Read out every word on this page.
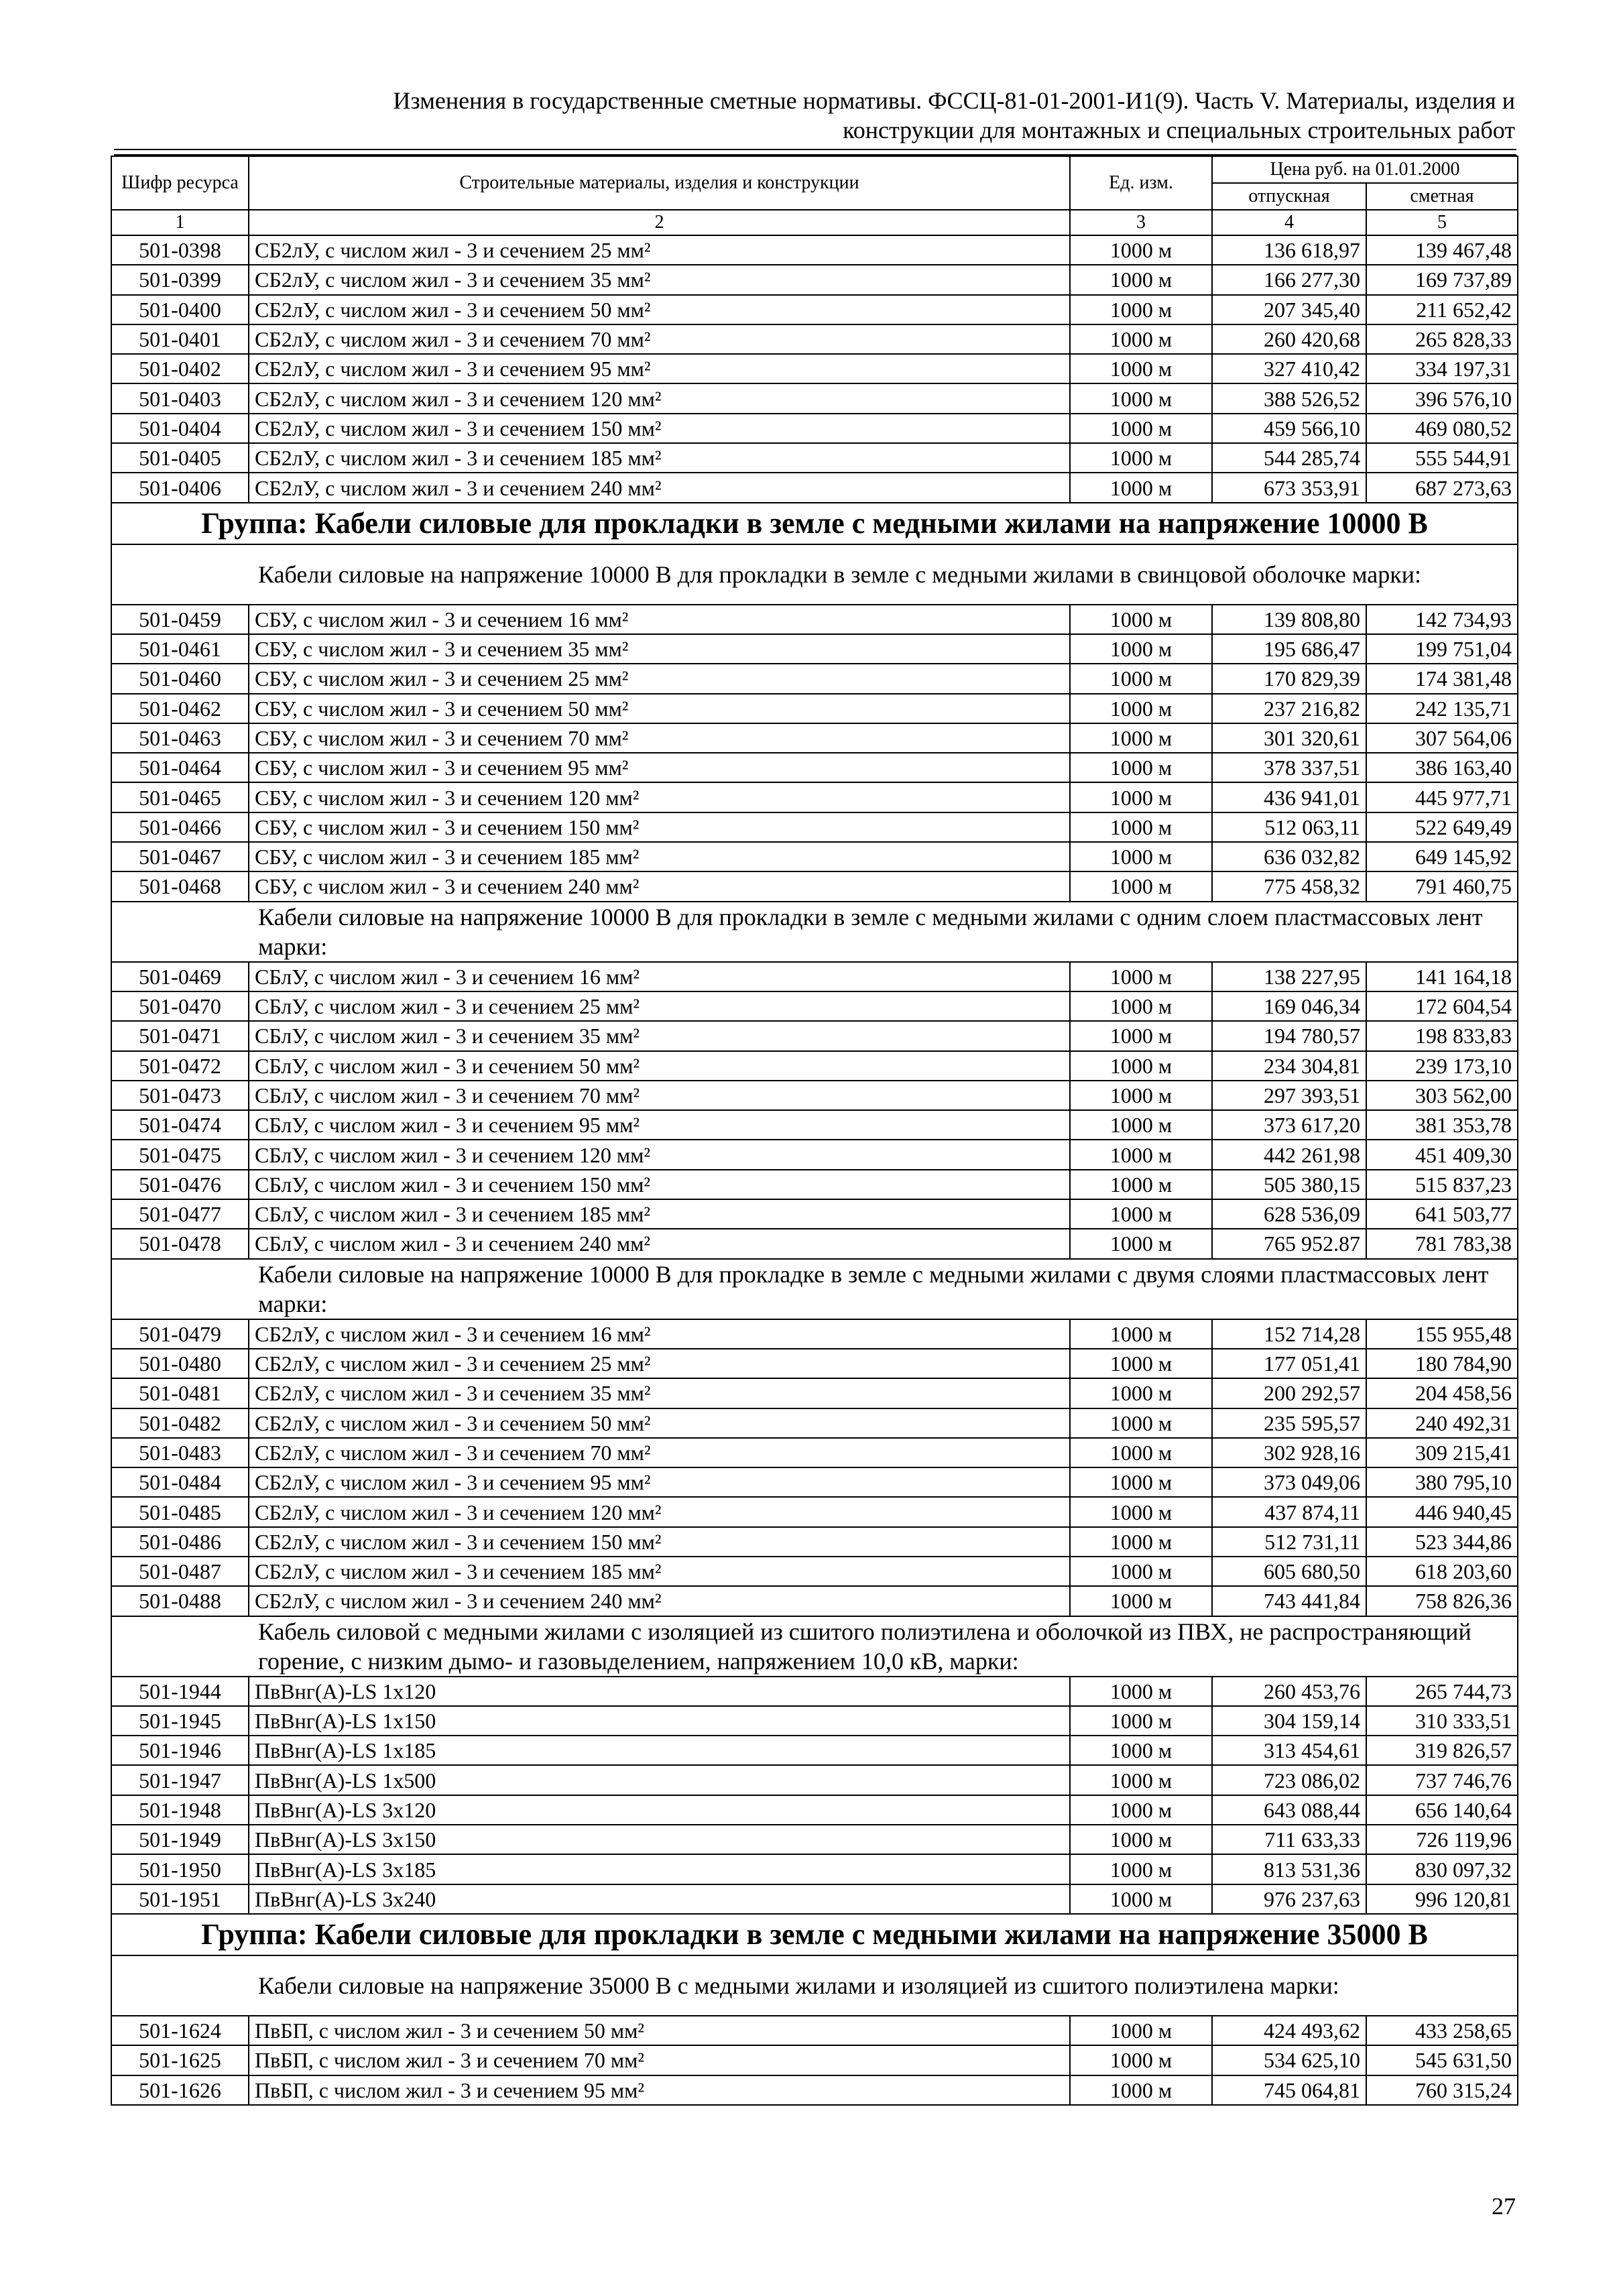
Изменения в государственные сметные нормативы. ФССЦ-81-01-2001-И1(9). Часть V. Материалы, изделия и
конструкции для монтажных и специальных строительных работ
Шифр ресурса	Строительные материалы, изделия и конструкции	Ед. изм.	Цена руб. на 01.01.2000	
			отпускная	сметная
1	2	3	4	5
501-0398	СБ2лУ, с числом жил - 3 и сечением 25 мм²	1000 м	136 618,97	139 467,48
501-0399	СБ2лУ, с числом жил - 3 и сечением 35 мм²	1000 м	166 277,30	169 737,89
501-0400	СБ2лУ, с числом жил - 3 и сечением 50 мм²	1000 м	207 345,40	211 652,42
501-0401	СБ2лУ, с числом жил - 3 и сечением 70 мм²	1000 м	260 420,68	265 828,33
501-0402	СБ2лУ, с числом жил - 3 и сечением 95 мм²	1000 м	327 410,42	334 197,31
501-0403	СБ2лУ, с числом жил - 3 и сечением 120 мм²	1000 м	388 526,52	396 576,10
501-0404	СБ2лУ, с числом жил - 3 и сечением 150 мм²	1000 м	459 566,10	469 080,52
501-0405	СБ2лУ, с числом жил - 3 и сечением 185 мм²	1000 м	544 285,74	555 544,91
501-0406	СБ2лУ, с числом жил - 3 и сечением 240 мм²	1000 м	673 353,91	687 273,63
Группа: Кабели силовые для прокладки в земле с медными жилами на напряжение 10000 В				
	Кабели силовые на напряжение 10000 В для прокладки в земле с медными жилами в свинцовой оболочке марки:			
501-0459	СБУ, с числом жил - 3 и сечением 16 мм²	1000 м	139 808,80	142 734,93
501-0461	СБУ, с числом жил - 3 и сечением 35 мм²	1000 м	195 686,47	199 751,04
501-0460	СБУ, с числом жил - 3 и сечением 25 мм²	1000 м	170 829,39	174 381,48
501-0462	СБУ, с числом жил - 3 и сечением 50 мм²	1000 м	237 216,82	242 135,71
501-0463	СБУ, с числом жил - 3 и сечением 70 мм²	1000 м	301 320,61	307 564,06
501-0464	СБУ, с числом жил - 3 и сечением 95 мм²	1000 м	378 337,51	386 163,40
501-0465	СБУ, с числом жил - 3 и сечением 120 мм²	1000 м	436 941,01	445 977,71
501-0466	СБУ, с числом жил - 3 и сечением 150 мм²	1000 м	512 063,11	522 649,49
501-0467	СБУ, с числом жил - 3 и сечением 185 мм²	1000 м	636 032,82	649 145,92
501-0468	СБУ, с числом жил - 3 и сечением 240 мм²	1000 м	775 458,32	791 460,75
	Кабели силовые на напряжение 10000 В для прокладки в земле с медными жилами с одним слоем пластмассовых лент марки:			
501-0469	СБлУ, с числом жил - 3 и сечением 16 мм²	1000 м	138 227,95	141 164,18
501-0470	СБлУ, с числом жил - 3 и сечением 25 мм²	1000 м	169 046,34	172 604,54
501-0471	СБлУ, с числом жил - 3 и сечением 35 мм²	1000 м	194 780,57	198 833,83
501-0472	СБлУ, с числом жил - 3 и сечением 50 мм²	1000 м	234 304,81	239 173,10
501-0473	СБлУ, с числом жил - 3 и сечением 70 мм²	1000 м	297 393,51	303 562,00
501-0474	СБлУ, с числом жил - 3 и сечением 95 мм²	1000 м	373 617,20	381 353,78
501-0475	СБлУ, с числом жил - 3 и сечением 120 мм²	1000 м	442 261,98	451 409,30
501-0476	СБлУ, с числом жил - 3 и сечением 150 мм²	1000 м	505 380,15	515 837,23
501-0477	СБлУ, с числом жил - 3 и сечением 185 мм²	1000 м	628 536,09	641 503,77
501-0478	СБлУ, с числом жил - 3 и сечением 240 мм²	1000 м	765 952.87	781 783,38
	Кабели силовые на напряжение 10000 В для прокладке в земле с медными жилами с двумя слоями пластмассовых лент марки:			
501-0479	СБ2лУ, с числом жил - 3 и сечением 16 мм²	1000 м	152 714,28	155 955,48
501-0480	СБ2лУ, с числом жил - 3 и сечением 25 мм²	1000 м	177 051,41	180 784,90
501-0481	СБ2лУ, с числом жил - 3 и сечением 35 мм²	1000 м	200 292,57	204 458,56
501-0482	СБ2лУ, с числом жил - 3 и сечением 50 мм²	1000 м	235 595,57	240 492,31
501-0483	СБ2лУ, с числом жил - 3 и сечением 70 мм²	1000 м	302 928,16	309 215,41
501-0484	СБ2лУ, с числом жил - 3 и сечением 95 мм²	1000 м	373 049,06	380 795,10
501-0485	СБ2лУ, с числом жил - 3 и сечением 120 мм²	1000 м	437 874,11	446 940,45
501-0486	СБ2лУ, с числом жил - 3 и сечением 150 мм²	1000 м	512 731,11	523 344,86
501-0487	СБ2лУ, с числом жил - 3 и сечением 185 мм²	1000 м	605 680,50	618 203,60
501-0488	СБ2лУ, с числом жил - 3 и сечением 240 мм²	1000 м	743 441,84	758 826,36
	Кабель силовой с медными жилами с изоляцией из сшитого полиэтилена и оболочкой из ПВХ, не распространяющий горение, с низким дымо- и газовыделением, напряжением 10,0 кВ, марки:			
501-1944	ПвВнг(А)-LS 1x120	1000 м	260 453,76	265 744,73
501-1945	ПвВнг(А)-LS 1x150	1000 м	304 159,14	310 333,51
501-1946	ПвВнг(А)-LS 1x185	1000 м	313 454,61	319 826,57
501-1947	ПвВнг(А)-LS 1x500	1000 м	723 086,02	737 746,76
501-1948	ПвВнг(А)-LS 3x120	1000 м	643 088,44	656 140,64
501-1949	ПвВнг(А)-LS 3x150	1000 м	711 633,33	726 119,96
501-1950	ПвВнг(А)-LS 3x185	1000 м	813 531,36	830 097,32
501-1951	ПвВнг(А)-LS 3x240	1000 м	976 237,63	996 120,81
Группа: Кабели силовые для прокладки в земле с медными жилами на напряжение 35000 В				
	Кабели силовые на напряжение 35000 В с медными жилами и изоляцией из сшитого полиэтилена марки:			
501-1624	ПвБП, с числом жил - 3 и сечением 50 мм²	1000 м	424 493,62	433 258,65
501-1625	ПвБП, с числом жил - 3 и сечением 70 мм²	1000 м	534 625,10	545 631,50
501-1626	ПвБП, с числом жил - 3 и сечением 95 мм²	1000 м	745 064,81	760 315,24
27
